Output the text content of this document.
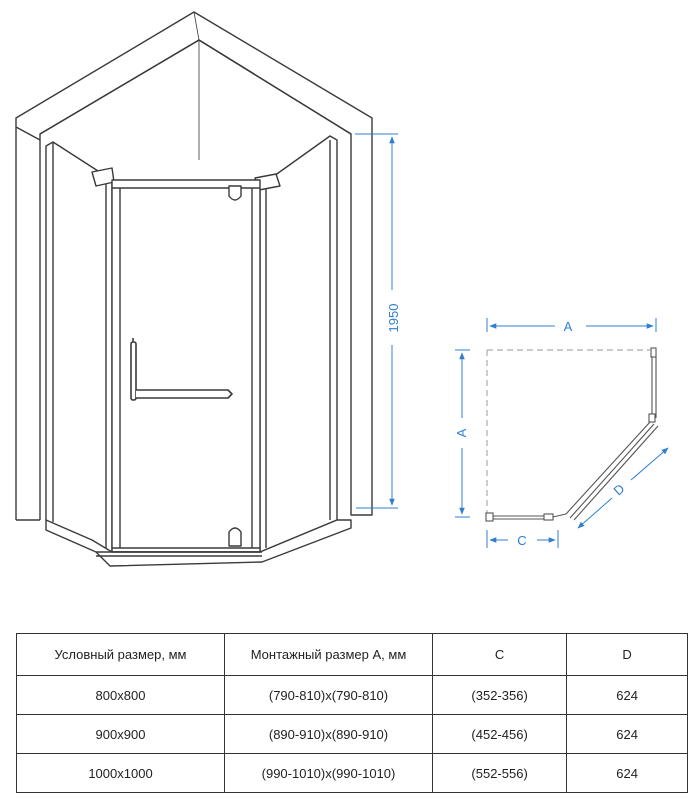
1950	A
A
C
D
Условный размер, мм	Монтажный размер A, мм	C	D
800x800	(790-810)x(790-810)	(352-356)	624
900x900	(890-910)x(890-910)	(452-456)	624
1000x1000	(990-1010)x(990-1010)	(552-556)	624
